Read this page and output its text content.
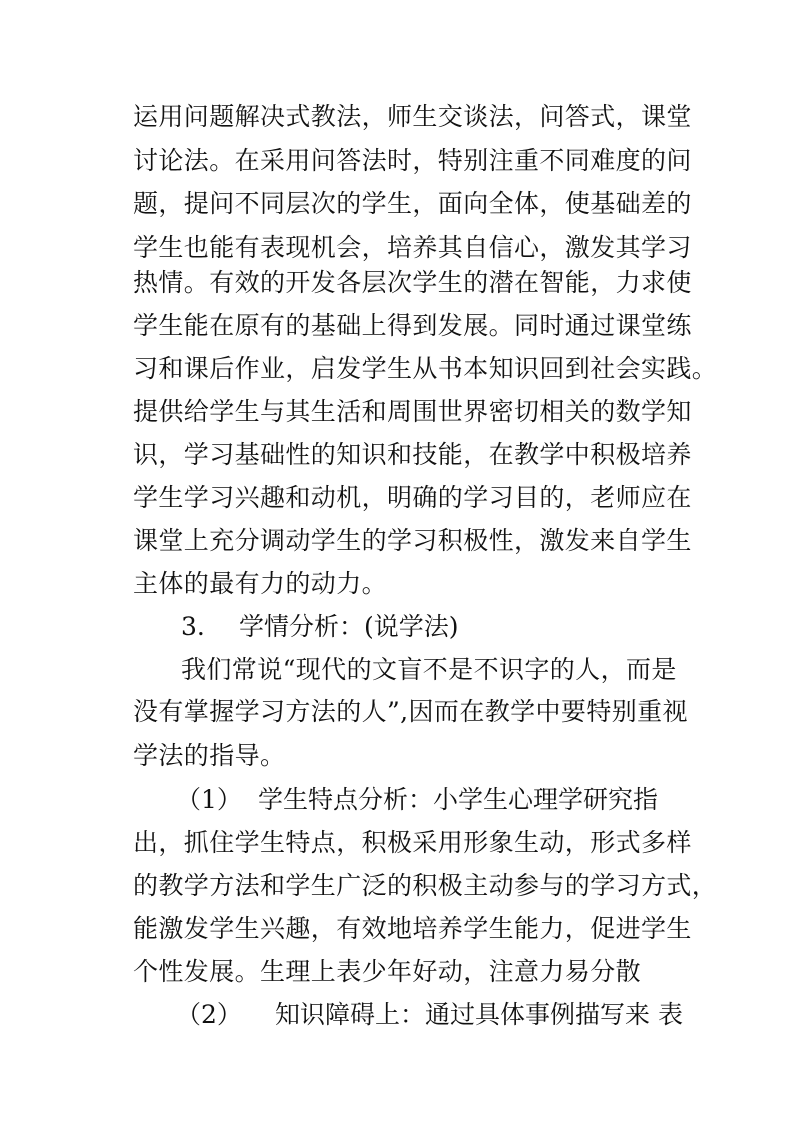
运用问题解决式教法，师生交谈法，问答式，课堂
讨论法。在采用问答法时，特别注重不同难度的问
题，提问不同层次的学生，面向全体，使基础差的
学生也能有表现机会，培养其自信心，激发其学习
热情。有效的开发各层次学生的潜在智能，力求使
学生能在原有的基础上得到发展。同时通过课堂练
习和课后作业，启发学生从书本知识回到社会实践。
提供给学生与其生活和周围世界密切相关的数学知
识，学习基础性的知识和技能，在教学中积极培养
学生学习兴趣和动机，明确的学习目的，老师应在
课堂上充分调动学生的学习积极性，激发来自学生
主体的最有力的动力。
3. 学情分析：(说学法)
我们常说“现代的文盲不是不识字的人，而是
没有掌握学习方法的人”,因而在教学中要特别重视
学法的指导。
（1） 学生特点分析：小学生心理学研究指
出，抓住学生特点，积极采用形象生动，形式多样
的教学方法和学生广泛的积极主动参与的学习方式，
能激发学生兴趣，有效地培养学生能力，促进学生
个性发展。生理上表少年好动，注意力易分散
（2） 知识障碍上：通过具体事例描写来 表
